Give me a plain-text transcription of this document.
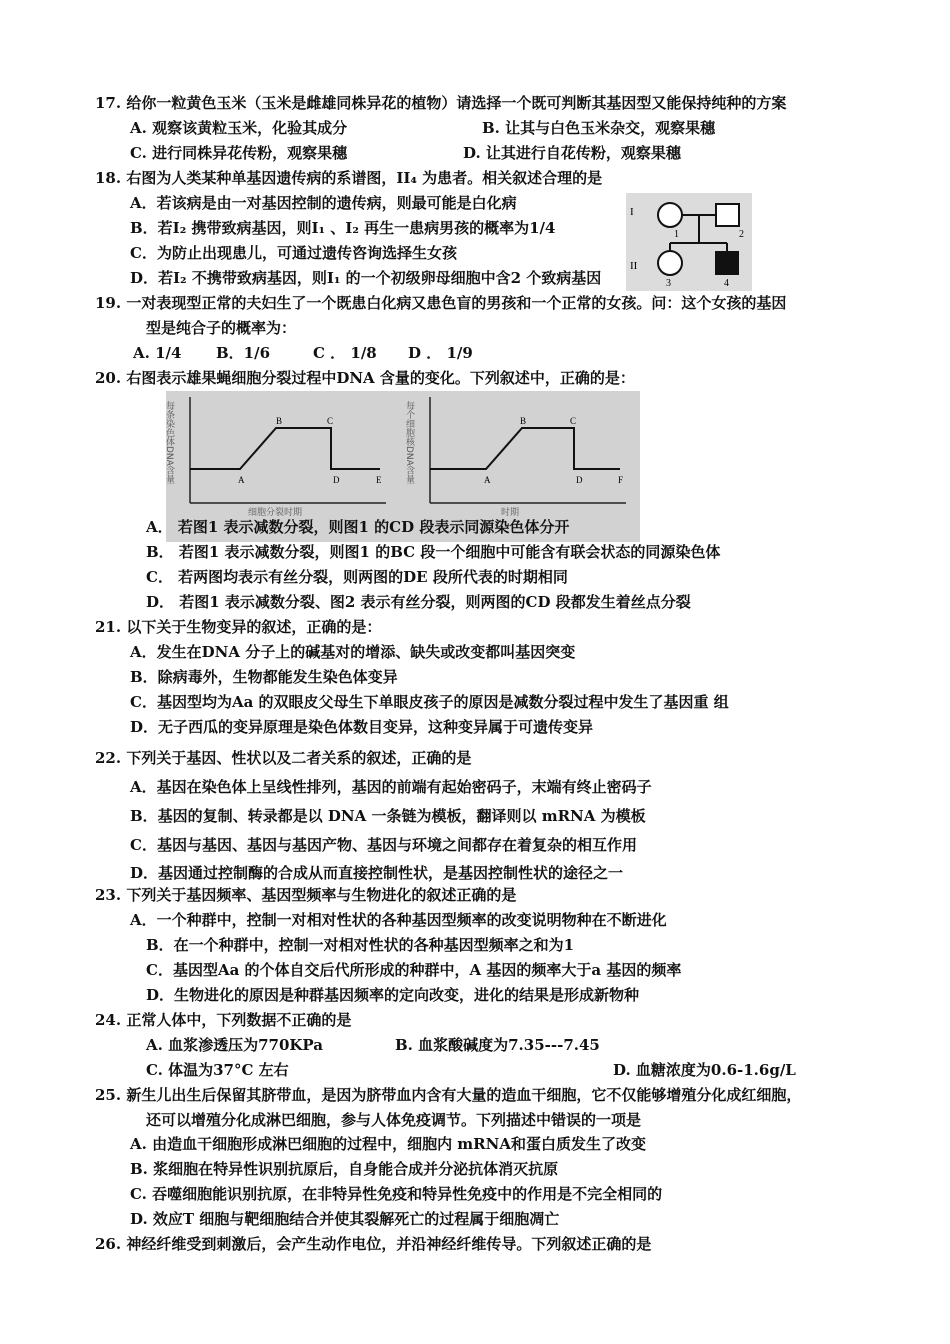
17. 给你一粒黄色玉米（玉米是雌雄同株异花的植物）请选择一个既可判断其基因型又能保持纯种的方案
A. 观察该黄粒玉米，化验其成分	B. 让其与白色玉米杂交，观察果穗
C. 进行同株异花传粉，观察果穗	D. 让其进行自花传粉，观察果穗
18. 右图为人类某种单基因遗传病的系谱图，II₄ 为患者。相关叙述合理的是
A．若该病是由一对基因控制的遗传病，则最可能是白化病
B．若I₂ 携带致病基因，则I₁ 、I₂ 再生一患病男孩的概率为1/4
C．为防止出现患儿，可通过遗传咨询选择生女孩
D．若I₂ 不携带致病基因，则I₁ 的一个初级卵母细胞中含2 个致病基因
I
1	2
II
3	4
19. 一对表现型正常的夫妇生了一个既患白化病又患色盲的男孩和一个正常的女孩。问：这个女孩的基因
型是纯合子的概率为：
A. 1/4 B．1/6	C ． 1/8 D ． 1/9
20. 右图表示雄果蝇细胞分裂过程中DNA 含量的变化。下列叙述中，正确的是：
每条染色体DNA含量	A
B	C
D	E
细胞分裂时期
每个细胞核DNA含量	A
B	C
D	F
时期
A． 若图1 表示减数分裂，则图1 的CD 段表示同源染色体分开
B． 若图1 表示减数分裂，则图1 的BC 段一个细胞中可能含有联会状态的同源染色体
C． 若两图均表示有丝分裂，则两图的DE 段所代表的时期相同
D． 若图1 表示减数分裂、图2 表示有丝分裂，则两图的CD 段都发生着丝点分裂
21. 以下关于生物变异的叙述，正确的是：
A．发生在DNA 分子上的碱基对的增添、缺失或改变都叫基因突变
B．除病毒外，生物都能发生染色体变异
C．基因型均为Aa 的双眼皮父母生下单眼皮孩子的原因是减数分裂过程中发生了基因重 组
D．无子西瓜的变异原理是染色体数目变异，这种变异属于可遗传变异
22. 下列关于基因、性状以及二者关系的叙述，正确的是
A．基因在染色体上呈线性排列，基因的前端有起始密码子，末端有终止密码子
B．基因的复制、转录都是以 DNA 一条链为模板，翻译则以 mRNA 为模板
C．基因与基因、基因与基因产物、基因与环境之间都存在着复杂的相互作用
D．基因通过控制酶的合成从而直接控制性状，是基因控制性状的途径之一
23. 下列关于基因频率、基因型频率与生物进化的叙述正确的是
A．一个种群中，控制一对相对性状的各种基因型频率的改变说明物种在不断进化
B．在一个种群中，控制一对相对性状的各种基因型频率之和为1
C．基因型Aa 的个体自交后代所形成的种群中，A 基因的频率大于a 基因的频率
D．生物进化的原因是种群基因频率的定向改变，进化的结果是形成新物种
24. 正常人体中，下列数据不正确的是
A. 血浆渗透压为770KPa	B. 血浆酸碱度为7.35---7.45
C. 体温为37°C 左右	D. 血糖浓度为0.6-1.6g/L
25. 新生儿出生后保留其脐带血，是因为脐带血内含有大量的造血干细胞，它不仅能够增殖分化成红细胞，
还可以增殖分化成淋巴细胞，参与人体免疫调节。下列描述中错误的一项是
A. 由造血干细胞形成淋巴细胞的过程中，细胞内 mRNA和蛋白质发生了改变
B. 浆细胞在特异性识别抗原后，自身能合成并分泌抗体消灭抗原
C. 吞噬细胞能识别抗原，在非特异性免疫和特异性免疫中的作用是不完全相同的
D. 效应T 细胞与靶细胞结合并使其裂解死亡的过程属于细胞凋亡
26. 神经纤维受到刺激后，会产生动作电位，并沿神经纤维传导。下列叙述正确的是
